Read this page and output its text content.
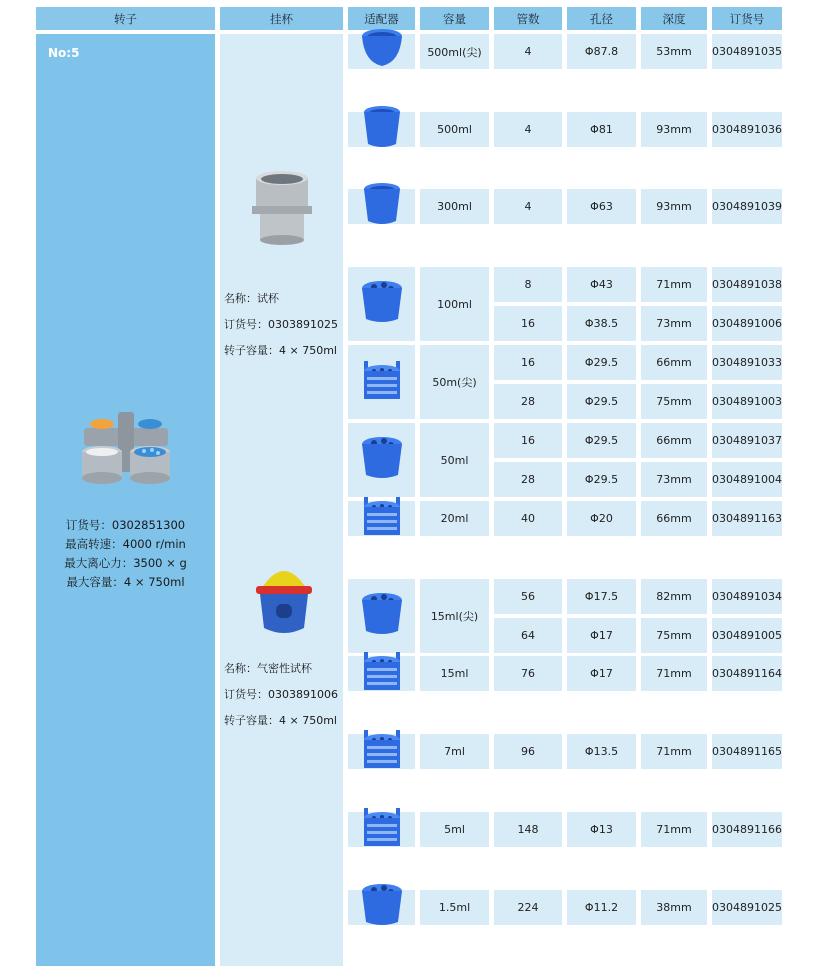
转子	挂杯	适配器	容量	管数	孔径	深度	订货号
No:5
订货号：0302851300
最高转速：4000 r/min
最大离心力：3500 × g
最大容量：4 × 750ml
名称：试杯
订货号：0303891025
转子容量：4 × 750ml
名称：气密性试杯
订货号：0303891006
转子容量：4 × 750ml
500ml(尖)	4	Φ87.8	53mm	0304891035
500ml	4	Φ81	93mm	0304891036
300ml	4	Φ63	93mm	0304891039
100ml
8	Φ43	71mm	0304891038
16	Φ38.5	73mm	0304891006
50m(尖)
16	Φ29.5	66mm	0304891033
28	Φ29.5	75mm	0304891003
50ml
16	Φ29.5	66mm	0304891037
28	Φ29.5	73mm	0304891004
20ml	40	Φ20	66mm	0304891163
15ml(尖)
56	Φ17.5	82mm	0304891034
64	Φ17	75mm	0304891005
15ml	76	Φ17	71mm	0304891164
7ml	96	Φ13.5	71mm	0304891165
5ml	148	Φ13	71mm	0304891166
1.5ml	224	Φ11.2	38mm	0304891025
